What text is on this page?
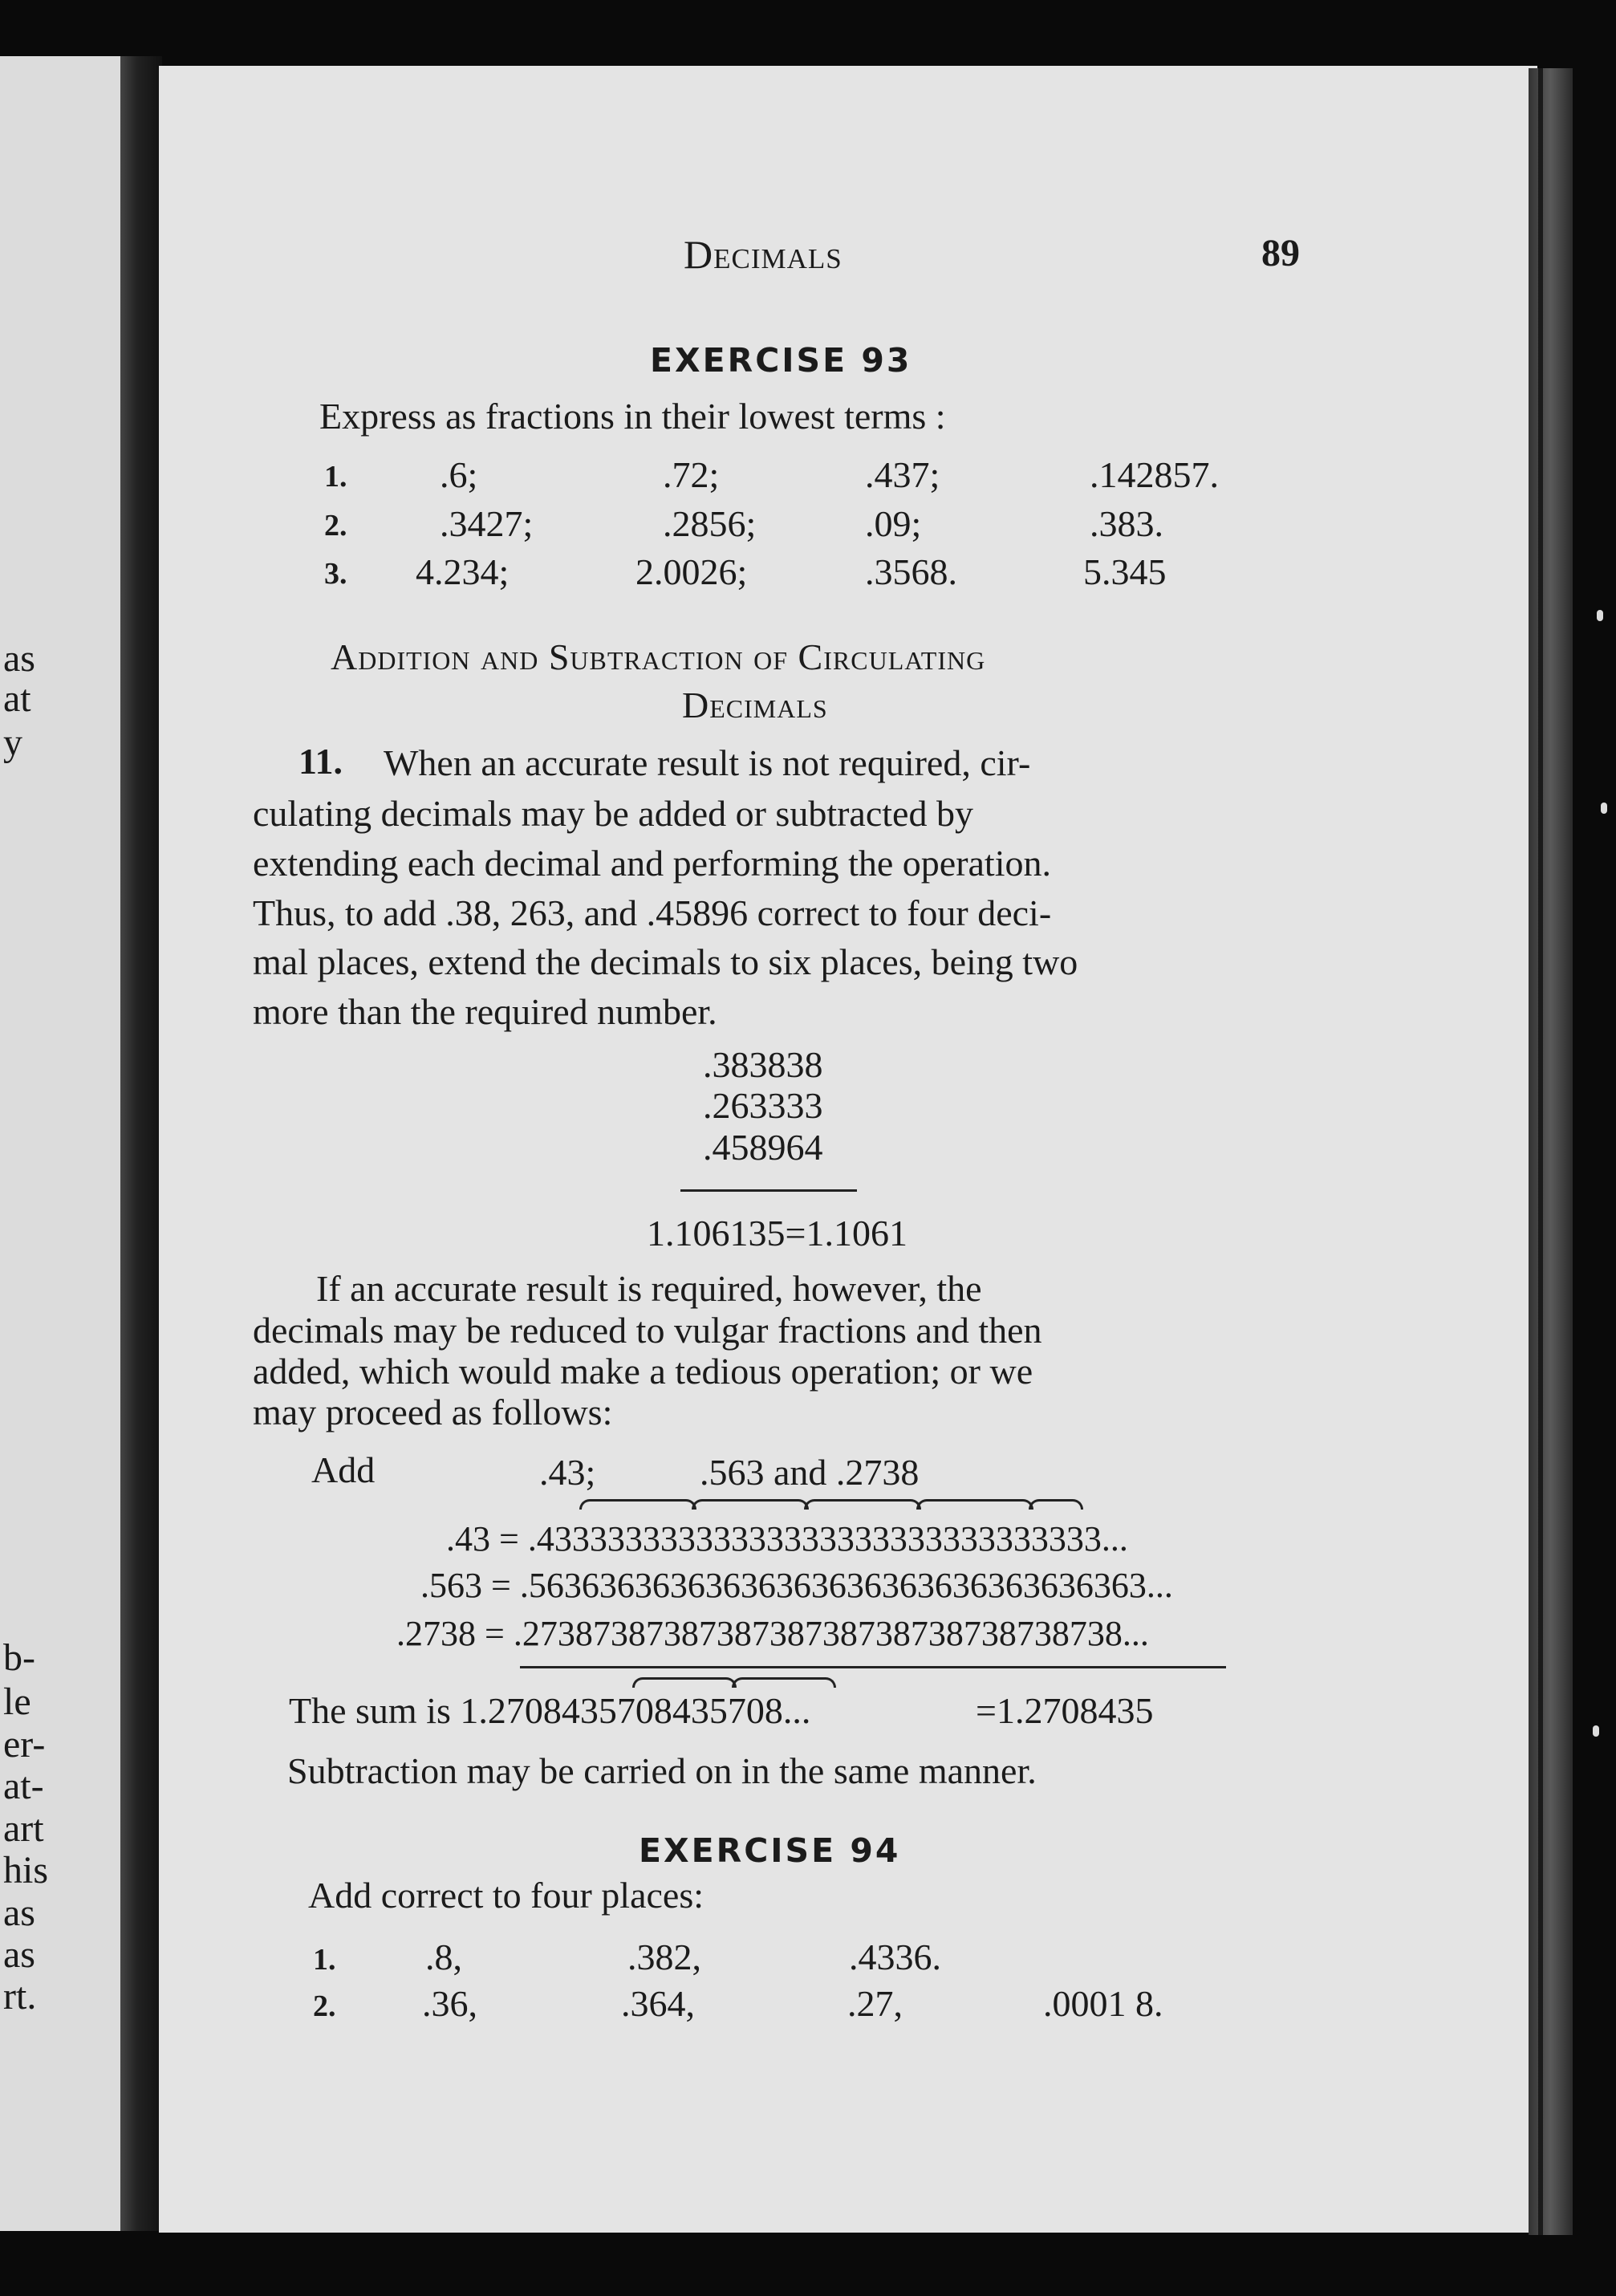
as
at
y
b-
le
er-
at-
art
his
as
as
rt.
Decimals	89
EXERCISE 93
Express as fractions in their lowest terms :
1.	.6;	.72;	.437;	.142857.
2.	.3427;	.2856;	.09;	.383.
3. 4.234;	2.0026;	.3568.	5.345
Addition and Subtraction of Circulating
Decimals
11. When an accurate result is not required, cir-
culating decimals may be added or subtracted by
extending each decimal and performing the operation.
Thus, to add .38, 263, and .45896 correct to four deci-
mal places, extend the decimals to six places, being two
more than the required number.
.383838
.263333
.458964
1.106135=1.1061
If an accurate result is required, however, the
decimals may be reduced to vulgar fractions and then
added, which would make a tedious operation; or we
may proceed as follows:
Add	.43;	.563 and .2738
.43 = .43333333333333333333333333333333...
.563 = .56363636363636363636363636363636363...
.2738 = .2738738738738738738738738738738738...
The sum is 1.2708435708435708...	=1.2708435
Subtraction may be carried on in the same manner.
EXERCISE 94
Add correct to four places:
1. .8,	.382,	.4336.
2. .36,	.364,	.27,	.0001 8.
